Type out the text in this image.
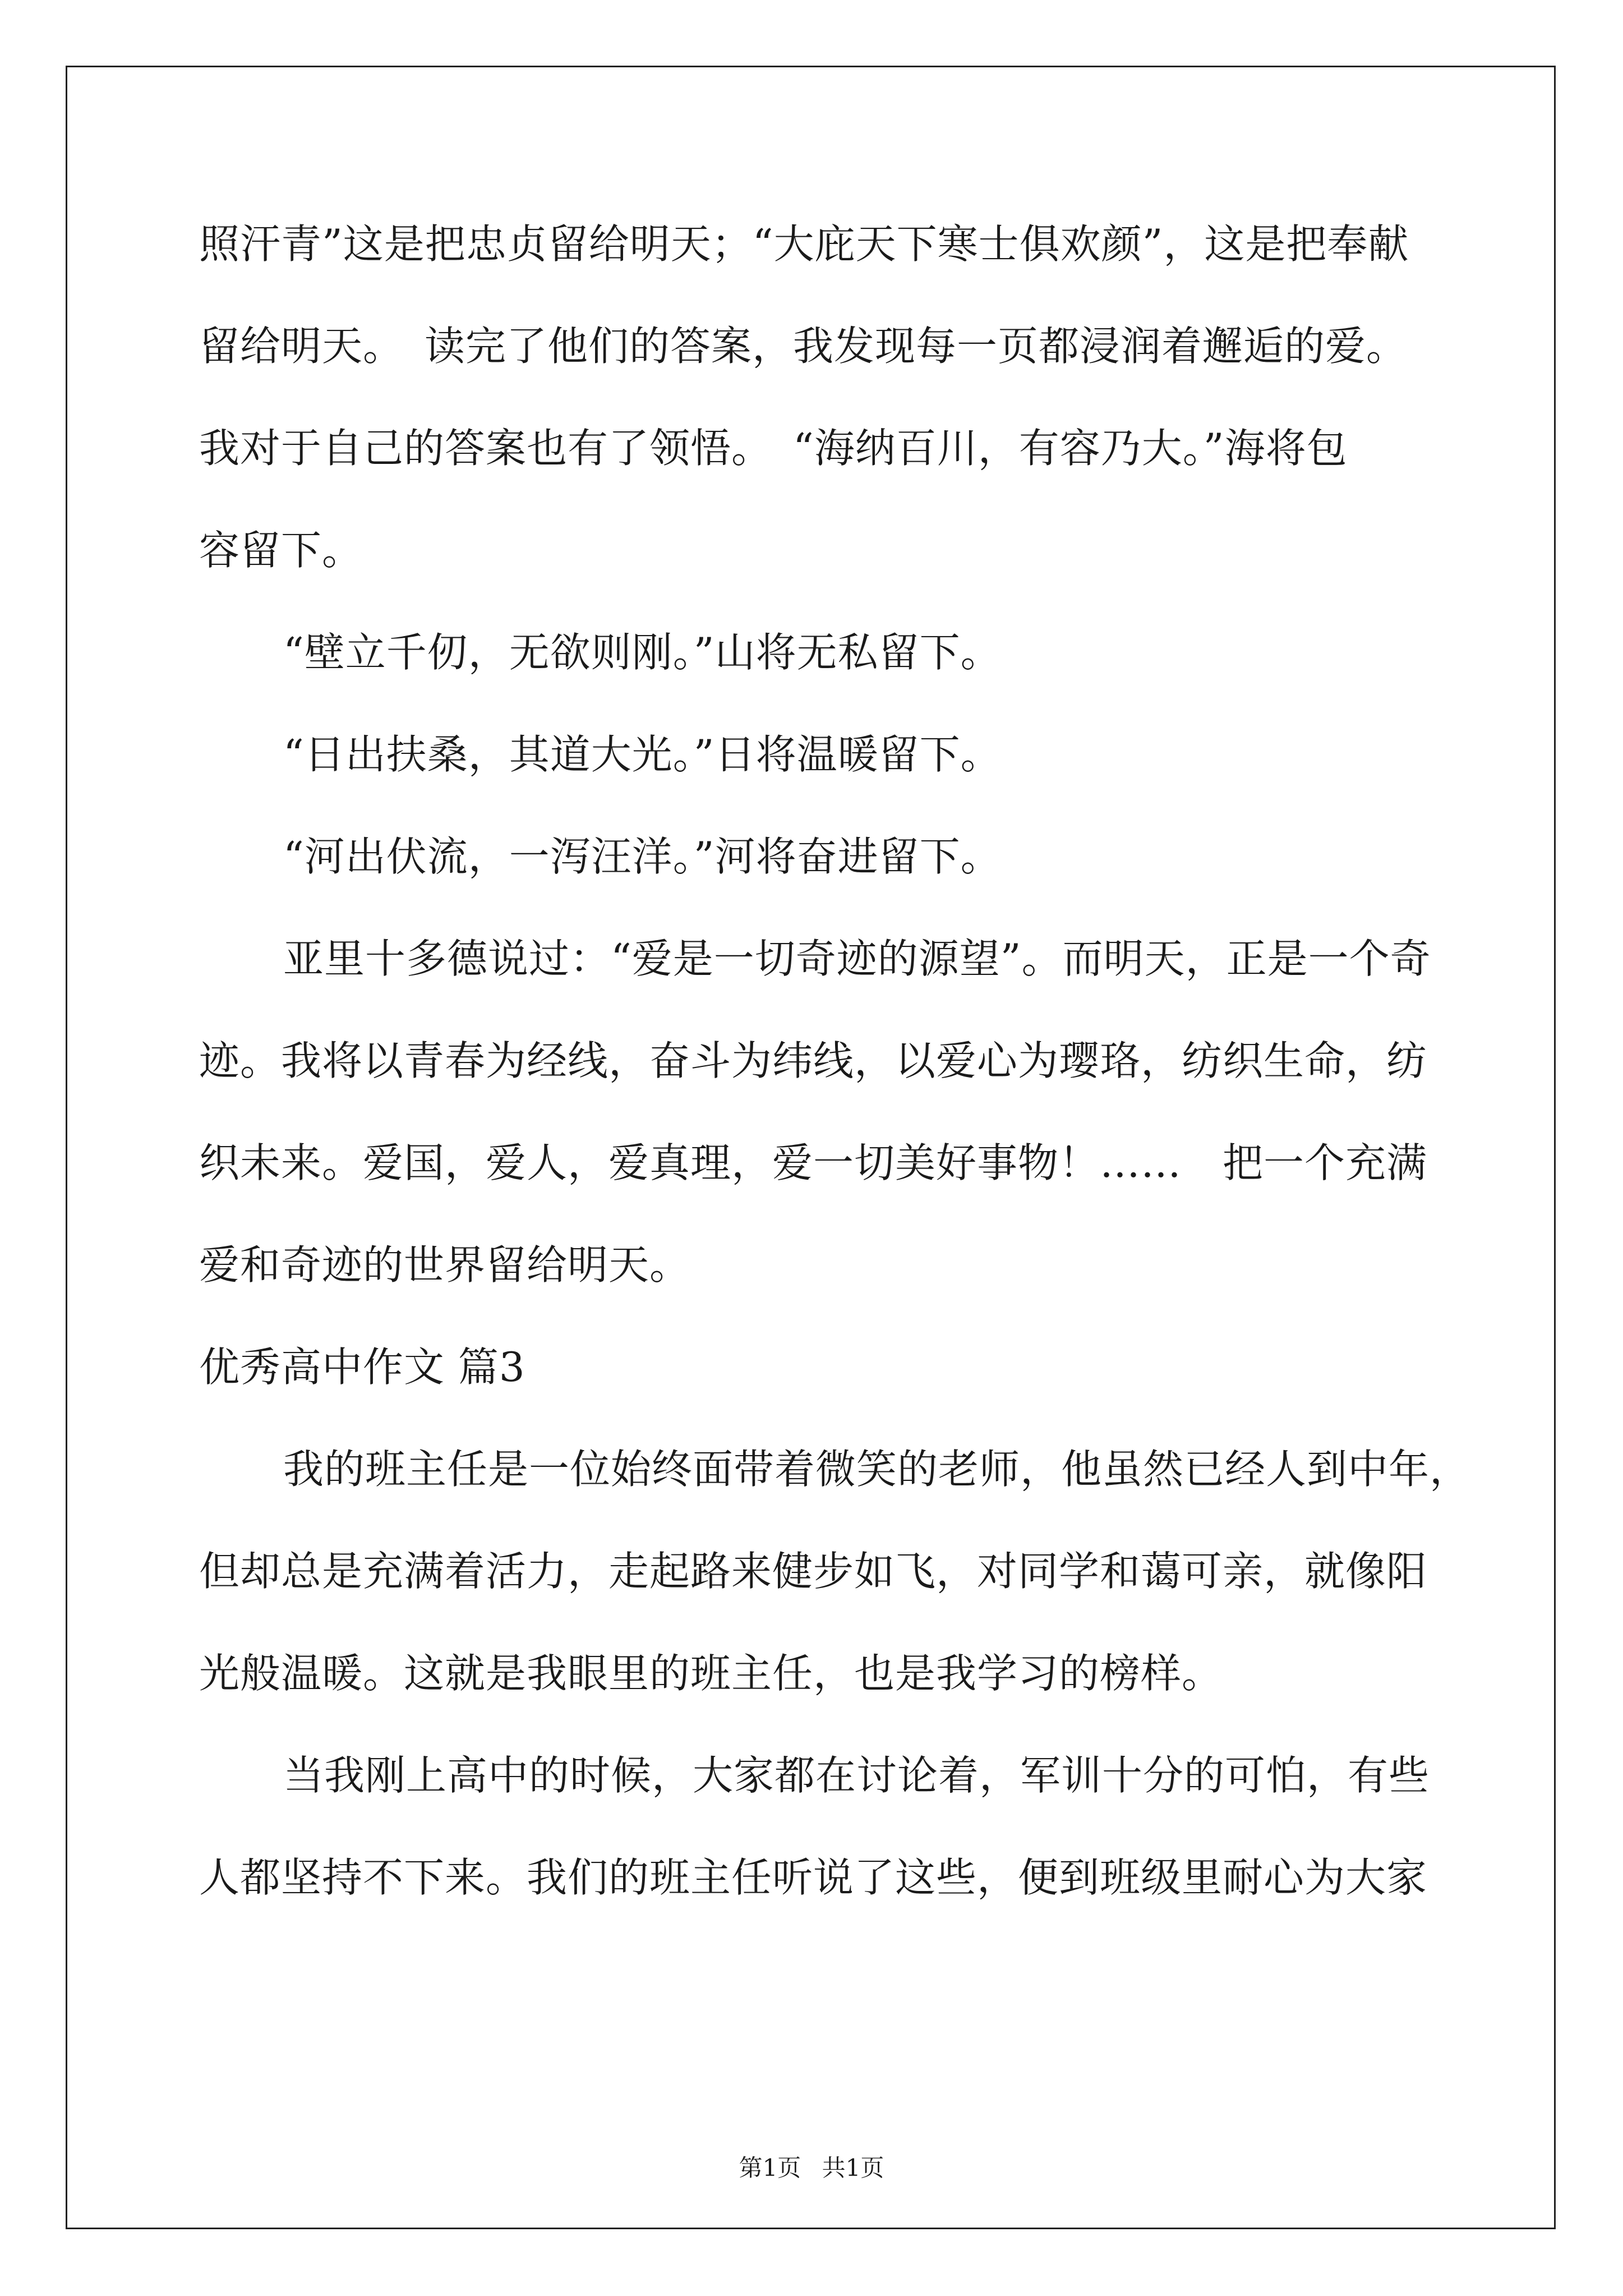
照汗青”这是把忠贞留给明天；“大庇天下寒士俱欢颜”，这是把奉献
留给明天。　读完了他们的答案，我发现每一页都浸润着邂逅的爱。
我对于自己的答案也有了领悟。　“海纳百川，有容乃大。”海将包
容留下。
“壁立千仞，无欲则刚。”山将无私留下。
“日出扶桑，其道大光。”日将温暖留下。
“河出伏流，一泻汪洋。”河将奋进留下。
亚里十多德说过：“爱是一切奇迹的源望”。而明天，正是一个奇
迹。我将以青春为经线，奋斗为纬线，以爱心为璎珞，纺织生命，纺
织未来。爱国，爱人，爱真理，爱一切美好事物！……　把一个充满
爱和奇迹的世界留给明天。
优秀高中作文 篇3
我的班主任是一位始终面带着微笑的老师，他虽然已经人到中年，
但却总是充满着活力，走起路来健步如飞，对同学和蔼可亲，就像阳
光般温暖。这就是我眼里的班主任，也是我学习的榜样。
当我刚上高中的时候，大家都在讨论着，军训十分的可怕，有些
人都坚持不下来。我们的班主任听说了这些，便到班级里耐心为大家
第1页 共1页
